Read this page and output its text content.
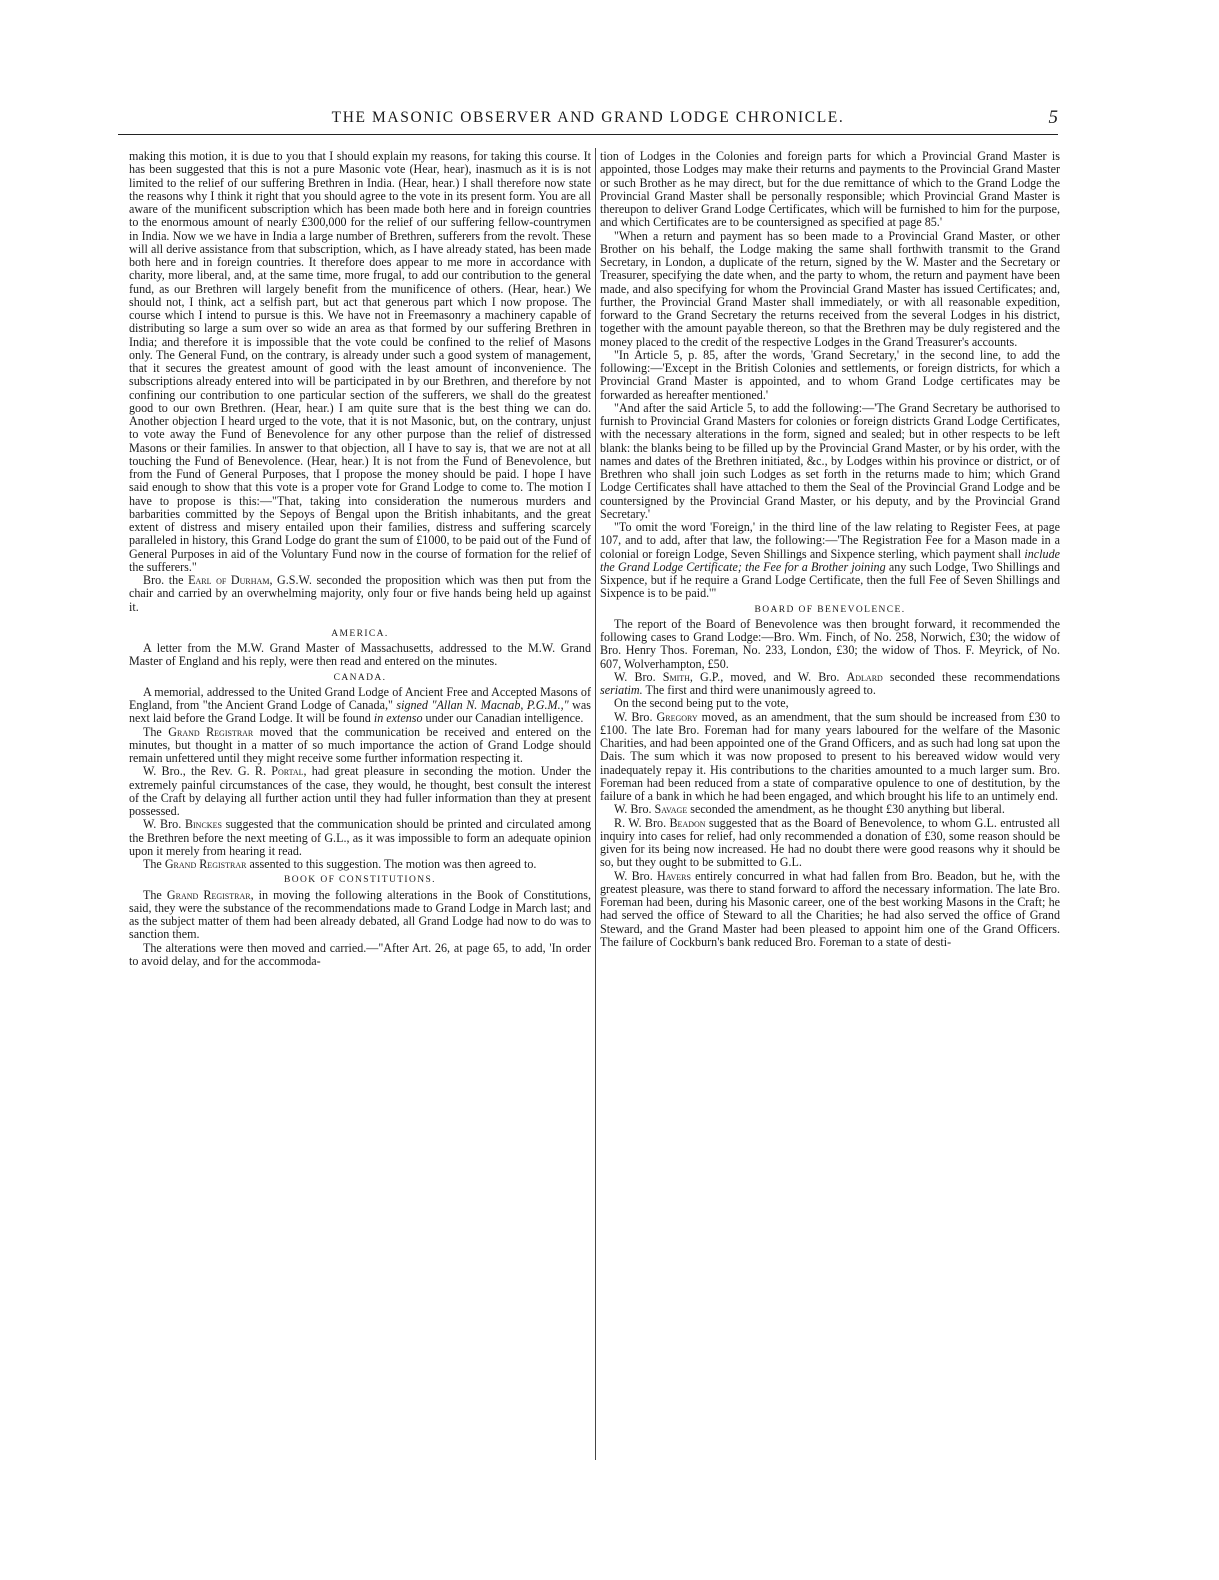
THE MASONIC OBSERVER AND GRAND LODGE CHRONICLE.	5

making this motion, it is due to you that I should explain my reasons, for taking this course. It has been suggested that this is not a pure Masonic vote (Hear, hear), inasmuch as it is is not limited to the relief of our suffering Brethren in India. (Hear, hear.) I shall therefore now state the reasons why I think it right that you should agree to the vote in its present form. You are all aware of the munificent subscription which has been made both here and in foreign countries to the enormous amount of nearly £300,000 for the relief of our suffering fellow-countrymen in India. Now we we have in India a large number of Brethren, sufferers from the revolt. These will all derive assistance from that subscription, which, as I have already stated, has been made both here and in foreign countries. It therefore does appear to me more in accordance with charity, more liberal, and, at the same time, more frugal, to add our contribution to the general fund, as our Brethren will largely benefit from the munificence of others. (Hear, hear.) We should not, I think, act a selfish part, but act that generous part which I now propose. The course which I intend to pursue is this. We have not in Freemasonry a machinery capable of distributing so large a sum over so wide an area as that formed by our suffering Brethren in India; and therefore it is impossible that the vote could be confined to the relief of Masons only. The General Fund, on the contrary, is already under such a good system of management, that it secures the greatest amount of good with the least amount of inconvenience. The subscriptions already entered into will be participated in by our Brethren, and therefore by not confining our contribution to one particular section of the sufferers, we shall do the greatest good to our own Brethren. (Hear, hear.) I am quite sure that is the best thing we can do. Another objection I heard urged to the vote, that it is not Masonic, but, on the contrary, unjust to vote away the Fund of Benevolence for any other purpose than the relief of distressed Masons or their families. In answer to that objection, all I have to say is, that we are not at all touching the Fund of Benevolence. (Hear, hear.) It is not from the Fund of Benevolence, but from the Fund of General Purposes, that I propose the money should be paid. I hope I have said enough to show that this vote is a proper vote for Grand Lodge to come to. The motion I have to propose is this:—"That, taking into consideration the numerous murders and barbarities committed by the Sepoys of Bengal upon the British inhabitants, and the great extent of distress and misery entailed upon their families, distress and suffering scarcely paralleled in history, this Grand Lodge do grant the sum of £1000, to be paid out of the Fund of General Purposes in aid of the Voluntary Fund now in the course of formation for the relief of the sufferers."

Bro. the Earl of Durham, G.S.W. seconded the proposition which was then put from the chair and carried by an overwhelming majority, only four or five hands being held up against it.

AMERICA.

A letter from the M.W. Grand Master of Massachusetts, addressed to the M.W. Grand Master of England and his reply, were then read and entered on the minutes.

CANADA.

A memorial, addressed to the United Grand Lodge of Ancient Free and Accepted Masons of England, from "the Ancient Grand Lodge of Canada," signed "Allan N. Macnab, P.G.M.," was next laid before the Grand Lodge. It will be found in extenso under our Canadian intelligence.

The Grand Registrar moved that the communication be received and entered on the minutes, but thought in a matter of so much importance the action of Grand Lodge should remain unfettered until they might receive some further information respecting it.

W. Bro., the Rev. G. R. Portal, had great pleasure in seconding the motion. Under the extremely painful circumstances of the case, they would, he thought, best consult the interest of the Craft by delaying all further action until they had fuller information than they at present possessed.

W. Bro. Binckes suggested that the communication should be printed and circulated among the Brethren before the next meeting of G.L., as it was impossible to form an adequate opinion upon it merely from hearing it read.

The Grand Registrar assented to this suggestion. The motion was then agreed to.

BOOK OF CONSTITUTIONS.

The Grand Registrar, in moving the following alterations in the Book of Constitutions, said, they were the substance of the recommendations made to Grand Lodge in March last; and as the subject matter of them had been already debated, all Grand Lodge had now to do was to sanction them.

The alterations were then moved and carried.—"After Art. 26, at page 65, to add, 'In order to avoid delay, and for the accommoda-

tion of Lodges in the Colonies and foreign parts for which a Provincial Grand Master is appointed, those Lodges may make their returns and payments to the Provincial Grand Master or such Brother as he may direct, but for the due remittance of which to the Grand Lodge the Provincial Grand Master shall be personally responsible; which Provincial Grand Master is thereupon to deliver Grand Lodge Certificates, which will be furnished to him for the purpose, and which Certificates are to be countersigned as specified at page 85.'

"When a return and payment has so been made to a Provincial Grand Master, or other Brother on his behalf, the Lodge making the same shall forthwith transmit to the Grand Secretary, in London, a duplicate of the return, signed by the W. Master and the Secretary or Treasurer, specifying the date when, and the party to whom, the return and payment have been made, and also specifying for whom the Provincial Grand Master has issued Certificates; and, further, the Provincial Grand Master shall immediately, or with all reasonable expedition, forward to the Grand Secretary the returns received from the several Lodges in his district, together with the amount payable thereon, so that the Brethren may be duly registered and the money placed to the credit of the respective Lodges in the Grand Treasurer's accounts.

"In Article 5, p. 85, after the words, 'Grand Secretary,' in the second line, to add the following:—'Except in the British Colonies and settlements, or foreign districts, for which a Provincial Grand Master is appointed, and to whom Grand Lodge certificates may be forwarded as hereafter mentioned.'

"And after the said Article 5, to add the following:—'The Grand Secretary be authorised to furnish to Provincial Grand Masters for colonies or foreign districts Grand Lodge Certificates, with the necessary alterations in the form, signed and sealed; but in other respects to be left blank: the blanks being to be filled up by the Provincial Grand Master, or by his order, with the names and dates of the Brethren initiated, &c., by Lodges within his province or district, or of Brethren who shall join such Lodges as set forth in the returns made to him; which Grand Lodge Certificates shall have attached to them the Seal of the Provincial Grand Lodge and be countersigned by the Provincial Grand Master, or his deputy, and by the Provincial Grand Secretary.'

"To omit the word 'Foreign,' in the third line of the law relating to Register Fees, at page 107, and to add, after that law, the following:—'The Registration Fee for a Mason made in a colonial or foreign Lodge, Seven Shillings and Sixpence sterling, which payment shall include the Grand Lodge Certificate; the Fee for a Brother joining any such Lodge, Two Shillings and Sixpence, but if he require a Grand Lodge Certificate, then the full Fee of Seven Shillings and Sixpence is to be paid.'"

BOARD OF BENEVOLENCE.

The report of the Board of Benevolence was then brought forward, it recommended the following cases to Grand Lodge:—Bro. Wm. Finch, of No. 258, Norwich, £30; the widow of Bro. Henry Thos. Foreman, No. 233, London, £30; the widow of Thos. F. Meyrick, of No. 607, Wolverhampton, £50.

W. Bro. Smith, G.P., moved, and W. Bro. Adlard seconded these recommendations seriatim. The first and third were unanimously agreed to.

On the second being put to the vote,

W. Bro. Gregory moved, as an amendment, that the sum should be increased from £30 to £100. The late Bro. Foreman had for many years laboured for the welfare of the Masonic Charities, and had been appointed one of the Grand Officers, and as such had long sat upon the Dais. The sum which it was now proposed to present to his bereaved widow would very inadequately repay it. His contributions to the charities amounted to a much larger sum. Bro. Foreman had been reduced from a state of comparative opulence to one of destitution, by the failure of a bank in which he had been engaged, and which brought his life to an untimely end.

W. Bro. Savage seconded the amendment, as he thought £30 anything but liberal.

R. W. Bro. Beadon suggested that as the Board of Benevolence, to whom G.L. entrusted all inquiry into cases for relief, had only recommended a donation of £30, some reason should be given for its being now increased. He had no doubt there were good reasons why it should be so, but they ought to be submitted to G.L.

W. Bro. Havers entirely concurred in what had fallen from Bro. Beadon, but he, with the greatest pleasure, was there to stand forward to afford the necessary information. The late Bro. Foreman had been, during his Masonic career, one of the best working Masons in the Craft; he had served the office of Steward to all the Charities; he had also served the office of Grand Steward, and the Grand Master had been pleased to appoint him one of the Grand Officers. The failure of Cockburn's bank reduced Bro. Foreman to a state of desti-
